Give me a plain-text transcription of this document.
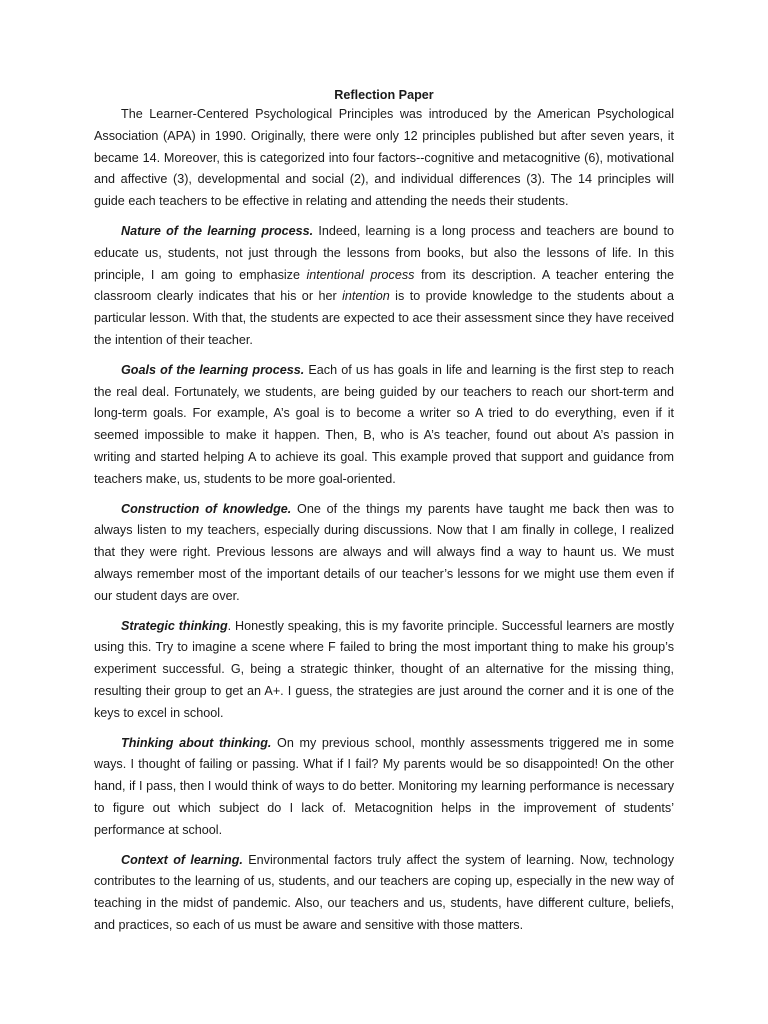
Reflection Paper

The Learner-Centered Psychological Principles was introduced by the American Psychological Association (APA) in 1990. Originally, there were only 12 principles published but after seven years, it became 14. Moreover, this is categorized into four factors--cognitive and metacognitive (6), motivational and affective (3), developmental and social (2), and individual differences (3). The 14 principles will guide each teachers to be effective in relating and attending the needs their students.

Nature of the learning process. Indeed, learning is a long process and teachers are bound to educate us, students, not just through the lessons from books, but also the lessons of life. In this principle, I am going to emphasize intentional process from its description. A teacher entering the classroom clearly indicates that his or her intention is to provide knowledge to the students about a particular lesson. With that, the students are expected to ace their assessment since they have received the intention of their teacher.

Goals of the learning process. Each of us has goals in life and learning is the first step to reach the real deal. Fortunately, we students, are being guided by our teachers to reach our short-term and long-term goals. For example, A’s goal is to become a writer so A tried to do everything, even if it seemed impossible to make it happen. Then, B, who is A’s teacher, found out about A’s passion in writing and started helping A to achieve its goal. This example proved that support and guidance from teachers make, us, students to be more goal-oriented.

Construction of knowledge. One of the things my parents have taught me back then was to always listen to my teachers, especially during discussions. Now that I am finally in college, I realized that they were right. Previous lessons are always and will always find a way to haunt us. We must always remember most of the important details of our teacher’s lessons for we might use them even if our student days are over.

Strategic thinking. Honestly speaking, this is my favorite principle. Successful learners are mostly using this. Try to imagine a scene where F failed to bring the most important thing to make his group’s experiment successful. G, being a strategic thinker, thought of an alternative for the missing thing, resulting their group to get an A+. I guess, the strategies are just around the corner and it is one of the keys to excel in school.

Thinking about thinking. On my previous school, monthly assessments triggered me in some ways. I thought of failing or passing. What if I fail? My parents would be so disappointed! On the other hand, if I pass, then I would think of ways to do better. Monitoring my learning performance is necessary to figure out which subject do I lack of. Metacognition helps in the improvement of students’ performance at school.

Context of learning. Environmental factors truly affect the system of learning. Now, technology contributes to the learning of us, students, and our teachers are coping up, especially in the new way of teaching in the midst of pandemic. Also, our teachers and us, students, have different culture, beliefs, and practices, so each of us must be aware and sensitive with those matters.
